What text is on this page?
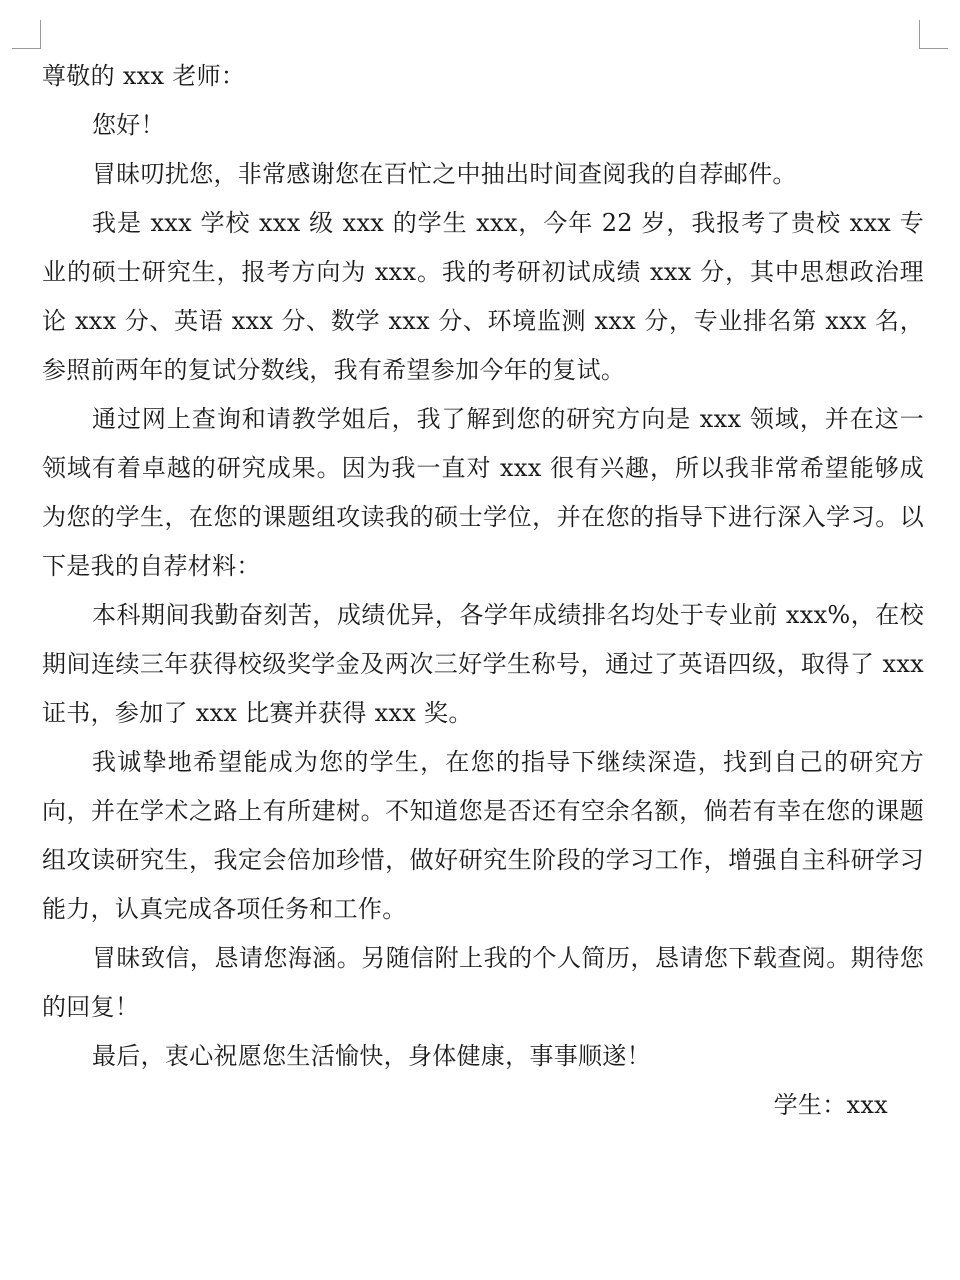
尊敬的 xxx 老师：

您好！

冒昧叨扰您，非常感谢您在百忙之中抽出时间查阅我的自荐邮件。

我是 xxx 学校 xxx 级 xxx 的学生 xxx，今年 22 岁，我报考了贵校 xxx 专业的硕士研究生，报考方向为 xxx。我的考研初试成绩 xxx 分，其中思想政治理论 xxx 分、英语 xxx 分、数学 xxx 分、环境监测 xxx 分，专业排名第 xxx 名，参照前两年的复试分数线，我有希望参加今年的复试。

通过网上查询和请教学姐后，我了解到您的研究方向是 xxx 领域，并在这一领域有着卓越的研究成果。因为我一直对 xxx 很有兴趣，所以我非常希望能够成为您的学生，在您的课题组攻读我的硕士学位，并在您的指导下进行深入学习。以下是我的自荐材料：

本科期间我勤奋刻苦，成绩优异，各学年成绩排名均处于专业前 xxx%，在校期间连续三年获得校级奖学金及两次三好学生称号，通过了英语四级，取得了 xxx 证书，参加了 xxx 比赛并获得 xxx 奖。

我诚挚地希望能成为您的学生，在您的指导下继续深造，找到自己的研究方向，并在学术之路上有所建树。不知道您是否还有空余名额，倘若有幸在您的课题组攻读研究生，我定会倍加珍惜，做好研究生阶段的学习工作，增强自主科研学习能力，认真完成各项任务和工作。

冒昧致信，恳请您海涵。另随信附上我的个人简历，恳请您下载查阅。期待您的回复！

最后，衷心祝愿您生活愉快，身体健康，事事顺遂！

学生：xxx
